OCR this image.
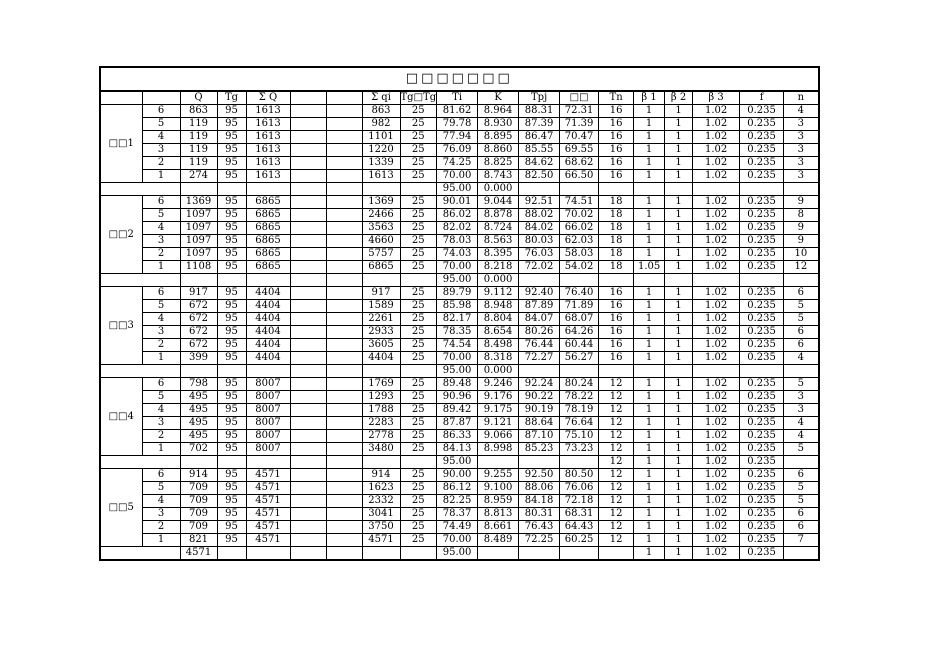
□□□□□□□																		
		Q	Tg	Σ Q			Σ qi	Tg□Tg	Ti	K	Tpj	□□	Tn	β 1	β 2	β 3	f	n
□□1	6	863	95	1613			863	25	81.62	8.964	88.31	72.31	16	1	1	1.02	0.235	4
	5	119	95	1613			982	25	79.78	8.930	87.39	71.39	16	1	1	1.02	0.235	3
	4	119	95	1613			1101	25	77.94	8.895	86.47	70.47	16	1	1	1.02	0.235	3
	3	119	95	1613			1220	25	76.09	8.860	85.55	69.55	16	1	1	1.02	0.235	3
	2	119	95	1613			1339	25	74.25	8.825	84.62	68.62	16	1	1	1.02	0.235	3
	1	274	95	1613			1613	25	70.00	8.743	82.50	66.50	16	1	1	1.02	0.235	3
									95.00	0.000								
□□2	6	1369	95	6865			1369	25	90.01	9.044	92.51	74.51	18	1	1	1.02	0.235	9
	5	1097	95	6865			2466	25	86.02	8.878	88.02	70.02	18	1	1	1.02	0.235	8
	4	1097	95	6865			3563	25	82.02	8.724	84.02	66.02	18	1	1	1.02	0.235	9
	3	1097	95	6865			4660	25	78.03	8.563	80.03	62.03	18	1	1	1.02	0.235	9
	2	1097	95	6865			5757	25	74.03	8.395	76.03	58.03	18	1	1	1.02	0.235	10
	1	1108	95	6865			6865	25	70.00	8.218	72.02	54.02	18	1.05	1	1.02	0.235	12
									95.00	0.000								
□□3	6	917	95	4404			917	25	89.79	9.112	92.40	76.40	16	1	1	1.02	0.235	6
	5	672	95	4404			1589	25	85.98	8.948	87.89	71.89	16	1	1	1.02	0.235	5
	4	672	95	4404			2261	25	82.17	8.804	84.07	68.07	16	1	1	1.02	0.235	5
	3	672	95	4404			2933	25	78.35	8.654	80.26	64.26	16	1	1	1.02	0.235	6
	2	672	95	4404			3605	25	74.54	8.498	76.44	60.44	16	1	1	1.02	0.235	6
	1	399	95	4404			4404	25	70.00	8.318	72.27	56.27	16	1	1	1.02	0.235	4
									95.00	0.000								
□□4	6	798	95	8007			1769	25	89.48	9.246	92.24	80.24	12	1	1	1.02	0.235	5
	5	495	95	8007			1293	25	90.96	9.176	90.22	78.22	12	1	1	1.02	0.235	3
	4	495	95	8007			1788	25	89.42	9.175	90.19	78.19	12	1	1	1.02	0.235	3
	3	495	95	8007			2283	25	87.87	9.121	88.64	76.64	12	1	1	1.02	0.235	4
	2	495	95	8007			2778	25	86.33	9.066	87.10	75.10	12	1	1	1.02	0.235	4
	1	702	95	8007			3480	25	84.13	8.998	85.23	73.23	12	1	1	1.02	0.235	5
									95.00				12	1	1	1.02	0.235	
□□5	6	914	95	4571			914	25	90.00	9.255	92.50	80.50	12	1	1	1.02	0.235	6
	5	709	95	4571			1623	25	86.12	9.100	88.06	76.06	12	1	1	1.02	0.235	5
	4	709	95	4571			2332	25	82.25	8.959	84.18	72.18	12	1	1	1.02	0.235	5
	3	709	95	4571			3041	25	78.37	8.813	80.31	68.31	12	1	1	1.02	0.235	6
	2	709	95	4571			3750	25	74.49	8.661	76.43	64.43	12	1	1	1.02	0.235	6
	1	821	95	4571			4571	25	70.00	8.489	72.25	60.25	12	1	1	1.02	0.235	7
		4571							95.00					1	1	1.02	0.235	
